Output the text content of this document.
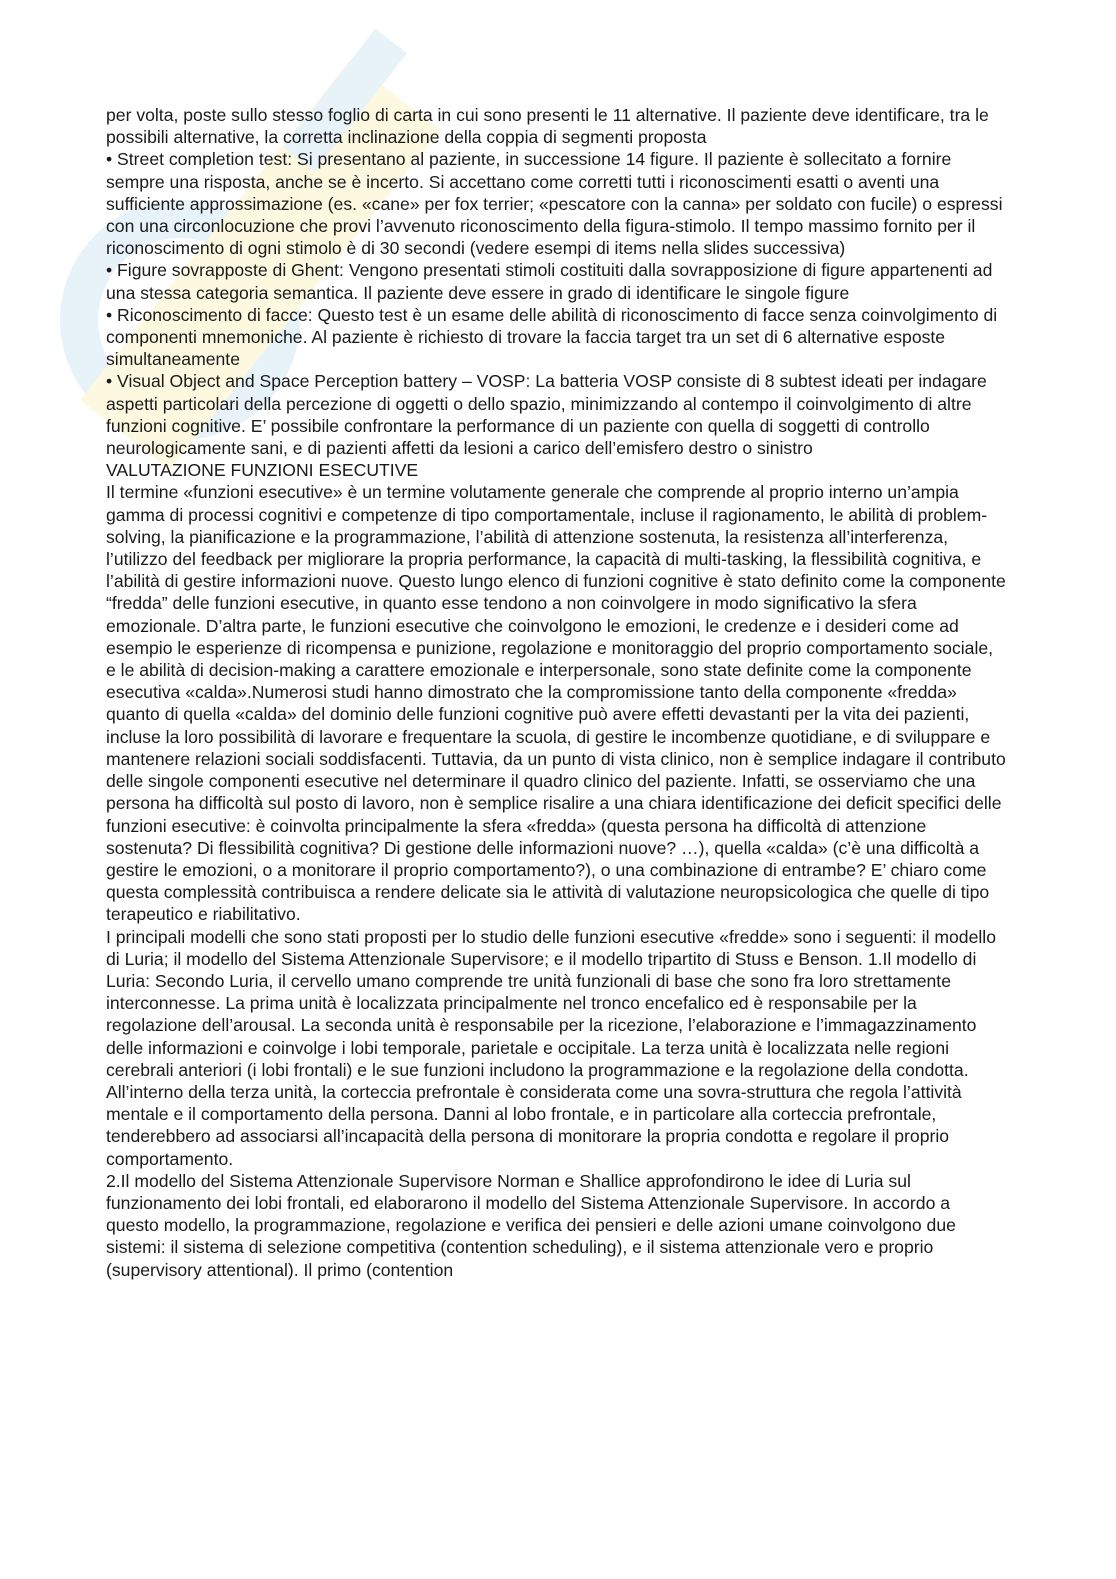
per volta, poste sullo stesso foglio di carta in cui sono presenti le 11 alternative. Il paziente deve identificare, tra le possibili alternative, la corretta inclinazione della coppia di segmenti proposta

• Street completion test: Si presentano al paziente, in successione 14 figure. Il paziente è sollecitato a fornire sempre una risposta, anche se è incerto. Si accettano come corretti tutti i riconoscimenti esatti o aventi una sufficiente approssimazione (es. «cane» per fox terrier; «pescatore con la canna» per soldato con fucile) o espressi con una circonlocuzione che provi l’avvenuto riconoscimento della figura-stimolo. Il tempo massimo fornito per il riconoscimento di ogni stimolo è di 30 secondi (vedere esempi di items nella slides successiva)

• Figure sovrapposte di Ghent: Vengono presentati stimoli costituiti dalla sovrapposizione di figure appartenenti ad una stessa categoria semantica. Il paziente deve essere in grado di identificare le singole figure

• Riconoscimento di facce: Questo test è un esame delle abilità di riconoscimento di facce senza coinvolgimento di componenti mnemoniche. Al paziente è richiesto di trovare la faccia target tra un set di 6 alternative esposte simultaneamente

• Visual Object and Space Perception battery – VOSP: La batteria VOSP consiste di 8 subtest ideati per indagare aspetti particolari della percezione di oggetti o dello spazio, minimizzando al contempo il coinvolgimento di altre funzioni cognitive. E’ possibile confrontare la performance di un paziente con quella di soggetti di controllo neurologicamente sani, e di pazienti affetti da lesioni a carico dell’emisfero destro o sinistro

VALUTAZIONE FUNZIONI ESECUTIVE

Il termine «funzioni esecutive» è un termine volutamente generale che comprende al proprio interno un’ampia gamma di processi cognitivi e competenze di tipo comportamentale, incluse il ragionamento, le abilità di problem-solving, la pianificazione e la programmazione, l’abilità di attenzione sostenuta, la resistenza all’interferenza, l’utilizzo del feedback per migliorare la propria performance, la capacità di multi-tasking, la flessibilità cognitiva, e l’abilità di gestire informazioni nuove. Questo lungo elenco di funzioni cognitive è stato definito come la componente “fredda” delle funzioni esecutive, in quanto esse tendono a non coinvolgere in modo significativo la sfera emozionale. D’altra parte, le funzioni esecutive che coinvolgono le emozioni, le credenze e i desideri come ad esempio le esperienze di ricompensa e punizione, regolazione e monitoraggio del proprio comportamento sociale, e le abilità di decision-making a carattere emozionale e interpersonale, sono state definite come la componente esecutiva «calda».Numerosi studi hanno dimostrato che la compromissione tanto della componente «fredda» quanto di quella «calda» del dominio delle funzioni cognitive può avere effetti devastanti per la vita dei pazienti, incluse la loro possibilità di lavorare e frequentare la scuola, di gestire le incombenze quotidiane, e di sviluppare e mantenere relazioni sociali soddisfacenti. Tuttavia, da un punto di vista clinico, non è semplice indagare il contributo delle singole componenti esecutive nel determinare il quadro clinico del paziente. Infatti, se osserviamo che una persona ha difficoltà sul posto di lavoro, non è semplice risalire a una chiara identificazione dei deficit specifici delle funzioni esecutive: è coinvolta principalmente la sfera «fredda» (questa persona ha difficoltà di attenzione sostenuta? Di flessibilità cognitiva? Di gestione delle informazioni nuove? …), quella «calda» (c’è una difficoltà a gestire le emozioni, o a monitorare il proprio comportamento?), o una combinazione di entrambe? E’ chiaro come questa complessità contribuisca a rendere delicate sia le attività di valutazione neuropsicologica che quelle di tipo terapeutico e riabilitativo.

I principali modelli che sono stati proposti per lo studio delle funzioni esecutive «fredde» sono i seguenti: il modello di Luria; il modello del Sistema Attenzionale Supervisore; e il modello tripartito di Stuss e Benson. 1.Il modello di Luria: Secondo Luria, il cervello umano comprende tre unità funzionali di base che sono fra loro strettamente interconnesse. La prima unità è localizzata principalmente nel tronco encefalico ed è responsabile per la regolazione dell’arousal. La seconda unità è responsabile per la ricezione, l’elaborazione e l’immagazzinamento delle informazioni e coinvolge i lobi temporale, parietale e occipitale. La terza unità è localizzata nelle regioni cerebrali anteriori (i lobi frontali) e le sue funzioni includono la programmazione e la regolazione della condotta. All’interno della terza unità, la corteccia prefrontale è considerata come una sovra-struttura che regola l’attività mentale e il comportamento della persona. Danni al lobo frontale, e in particolare alla corteccia prefrontale, tenderebbero ad associarsi all’incapacità della persona di monitorare la propria condotta e regolare il proprio comportamento.

2.Il modello del Sistema Attenzionale Supervisore Norman e Shallice approfondirono le idee di Luria sul funzionamento dei lobi frontali, ed elaborarono il modello del Sistema Attenzionale Supervisore. In accordo a questo modello, la programmazione, regolazione e verifica dei pensieri e delle azioni umane coinvolgono due sistemi: il sistema di selezione competitiva (contention scheduling), e il sistema attenzionale vero e proprio (supervisory attentional). Il primo (contention
